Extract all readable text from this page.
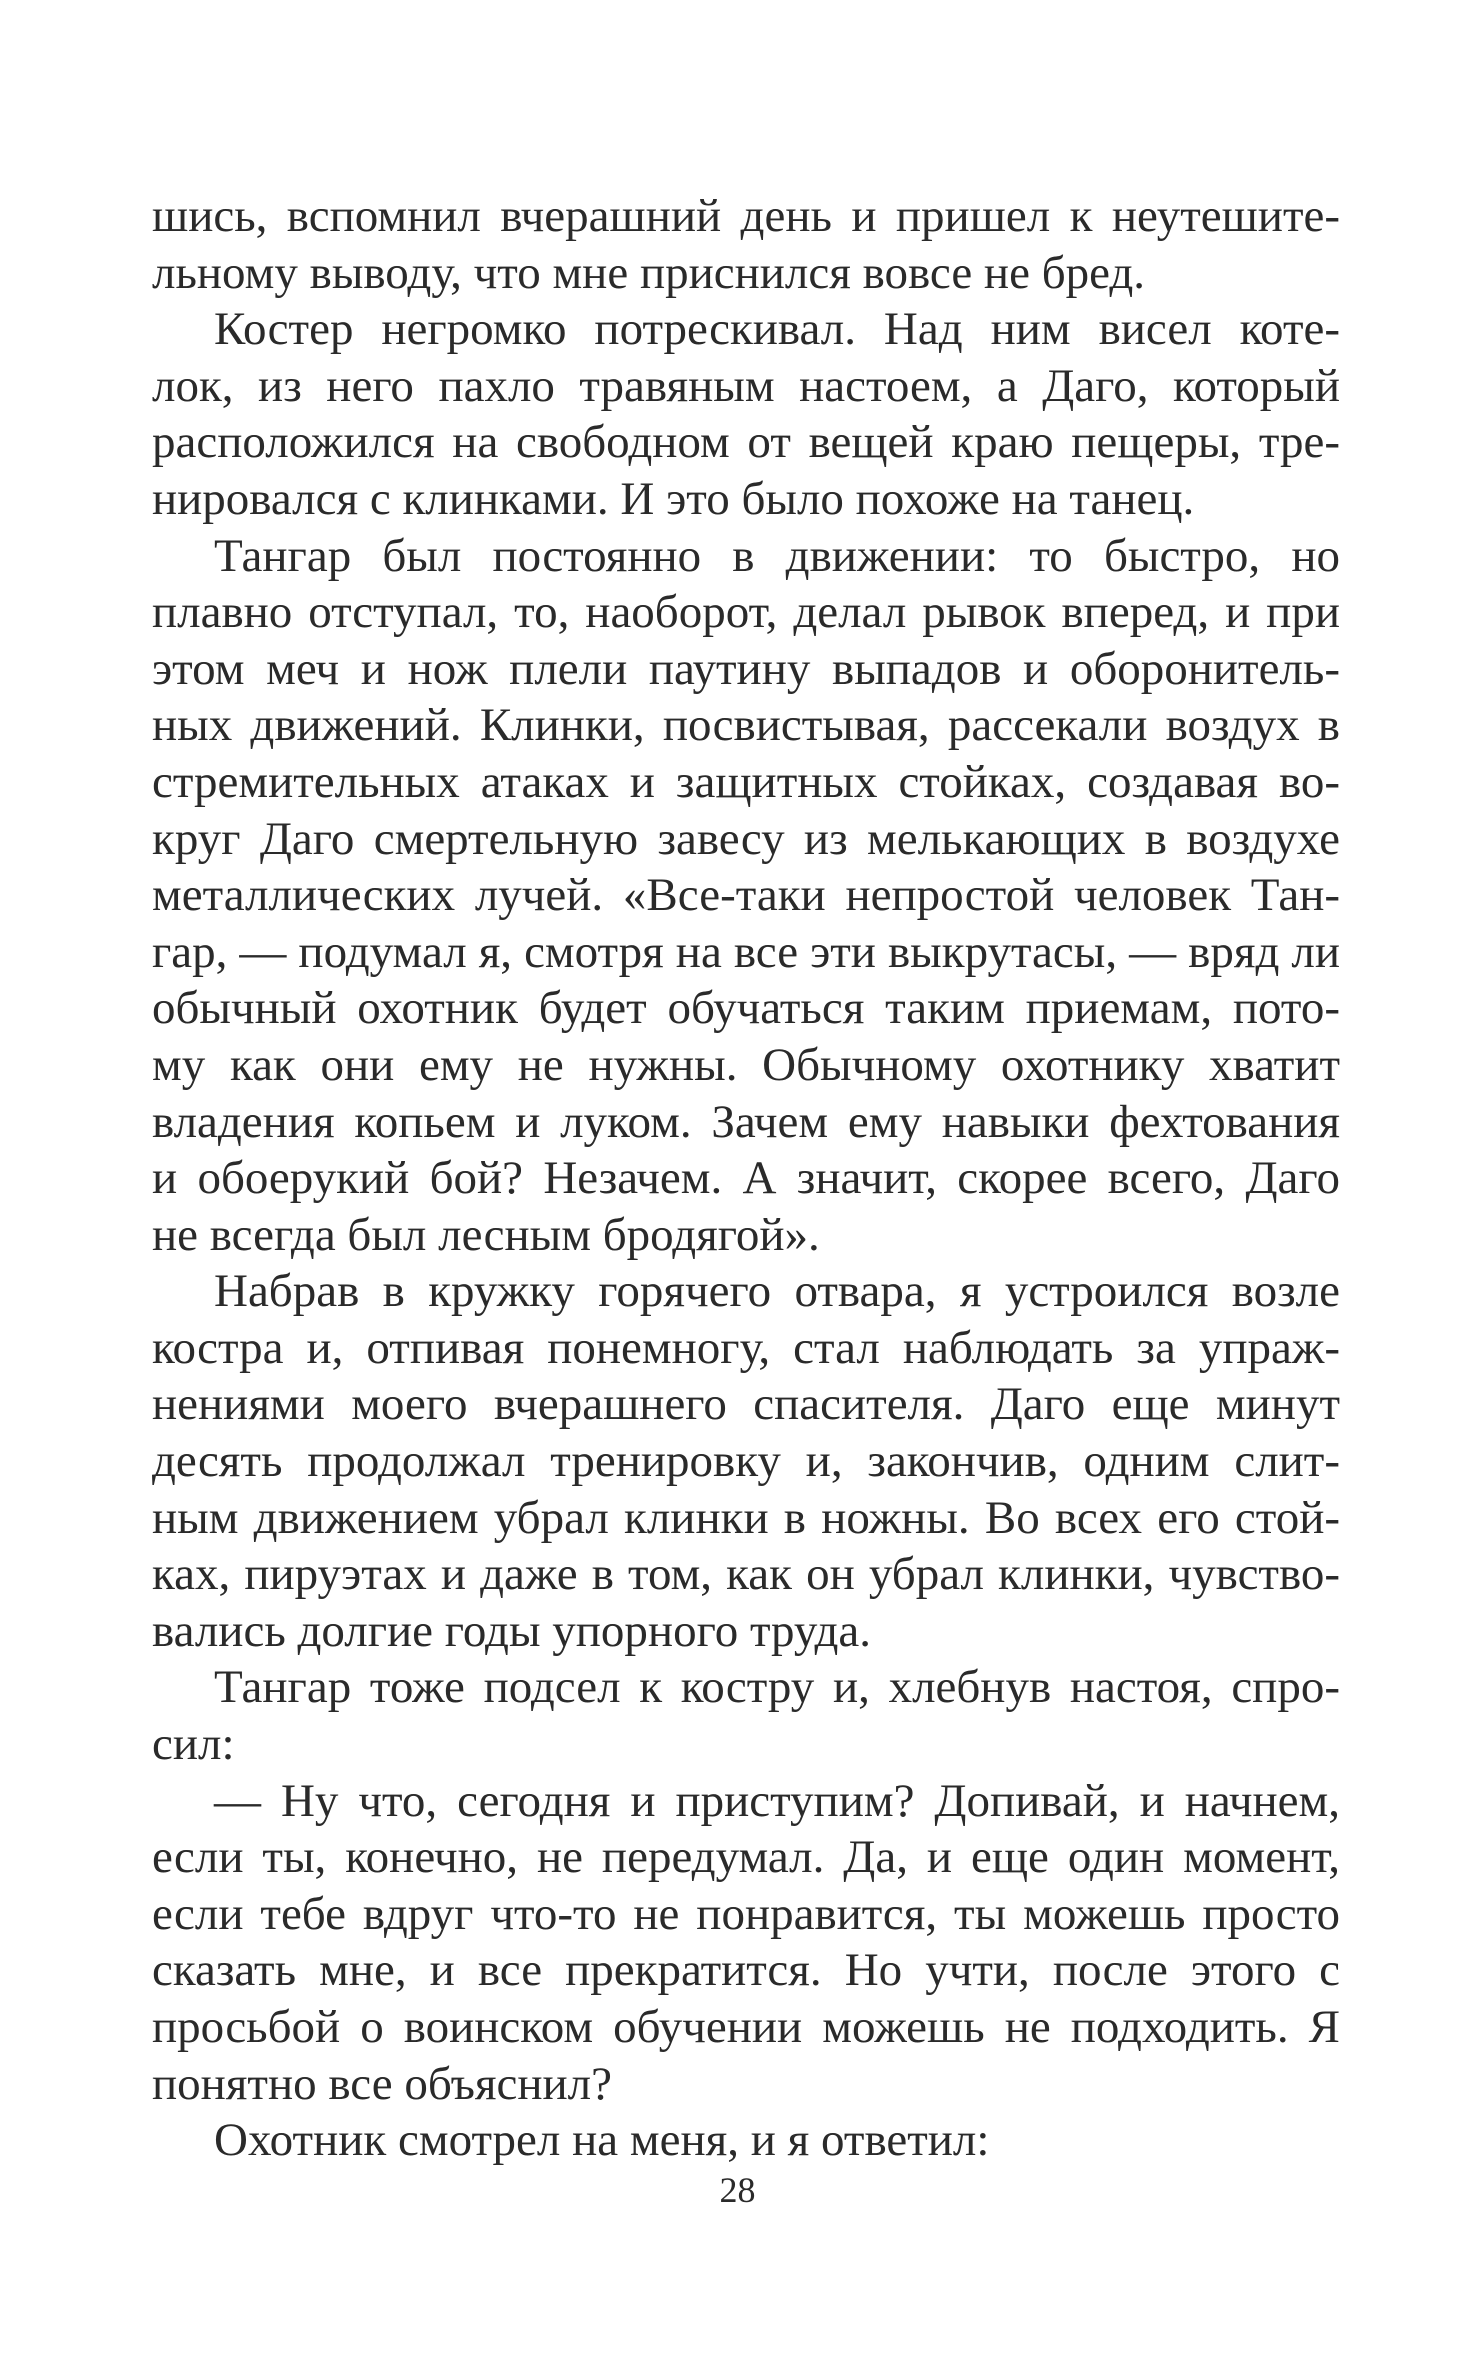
шись, вспомнил вчерашний день и пришел к неутешите-
льному выводу, что мне приснился вовсе не бред.
Костер негромко потрескивал. Над ним висел коте-
лок, из него пахло травяным настоем, а Даго, который
расположился на свободном от вещей краю пещеры, тре-
нировался с клинками. И это было похоже на танец.
Тангар был постоянно в движении: то быстро, но
плавно отступал, то, наоборот, делал рывок вперед, и при
этом меч и нож плели паутину выпадов и оборонитель-
ных движений. Клинки, посвистывая, рассекали воздух в
стремительных атаках и защитных стойках, создавая во-
круг Даго смертельную завесу из мелькающих в воздухе
металлических лучей. «Все-таки непростой человек Тан-
гар, — подумал я, смотря на все эти выкрутасы, — вряд ли
обычный охотник будет обучаться таким приемам, пото-
му как они ему не нужны. Обычному охотнику хватит
владения копьем и луком. Зачем ему навыки фехтования
и обоерукий бой? Незачем. А значит, скорее всего, Даго
не всегда был лесным бродягой».
Набрав в кружку горячего отвара, я устроился возле
костра и, отпивая понемногу, стал наблюдать за упраж-
нениями моего вчерашнего спасителя. Даго еще минут
десять продолжал тренировку и, закончив, одним слит-
ным движением убрал клинки в ножны. Во всех его стой-
ках, пируэтах и даже в том, как он убрал клинки, чувство-
вались долгие годы упорного труда.
Тангар тоже подсел к костру и, хлебнув настоя, спро-
сил:
— Ну что, сегодня и приступим? Допивай, и начнем,
если ты, конечно, не передумал. Да, и еще один момент,
если тебе вдруг что-то не понравится, ты можешь просто
сказать мне, и все прекратится. Но учти, после этого с
просьбой о воинском обучении можешь не подходить. Я
понятно все объяснил?
Охотник смотрел на меня, и я ответил:
28
